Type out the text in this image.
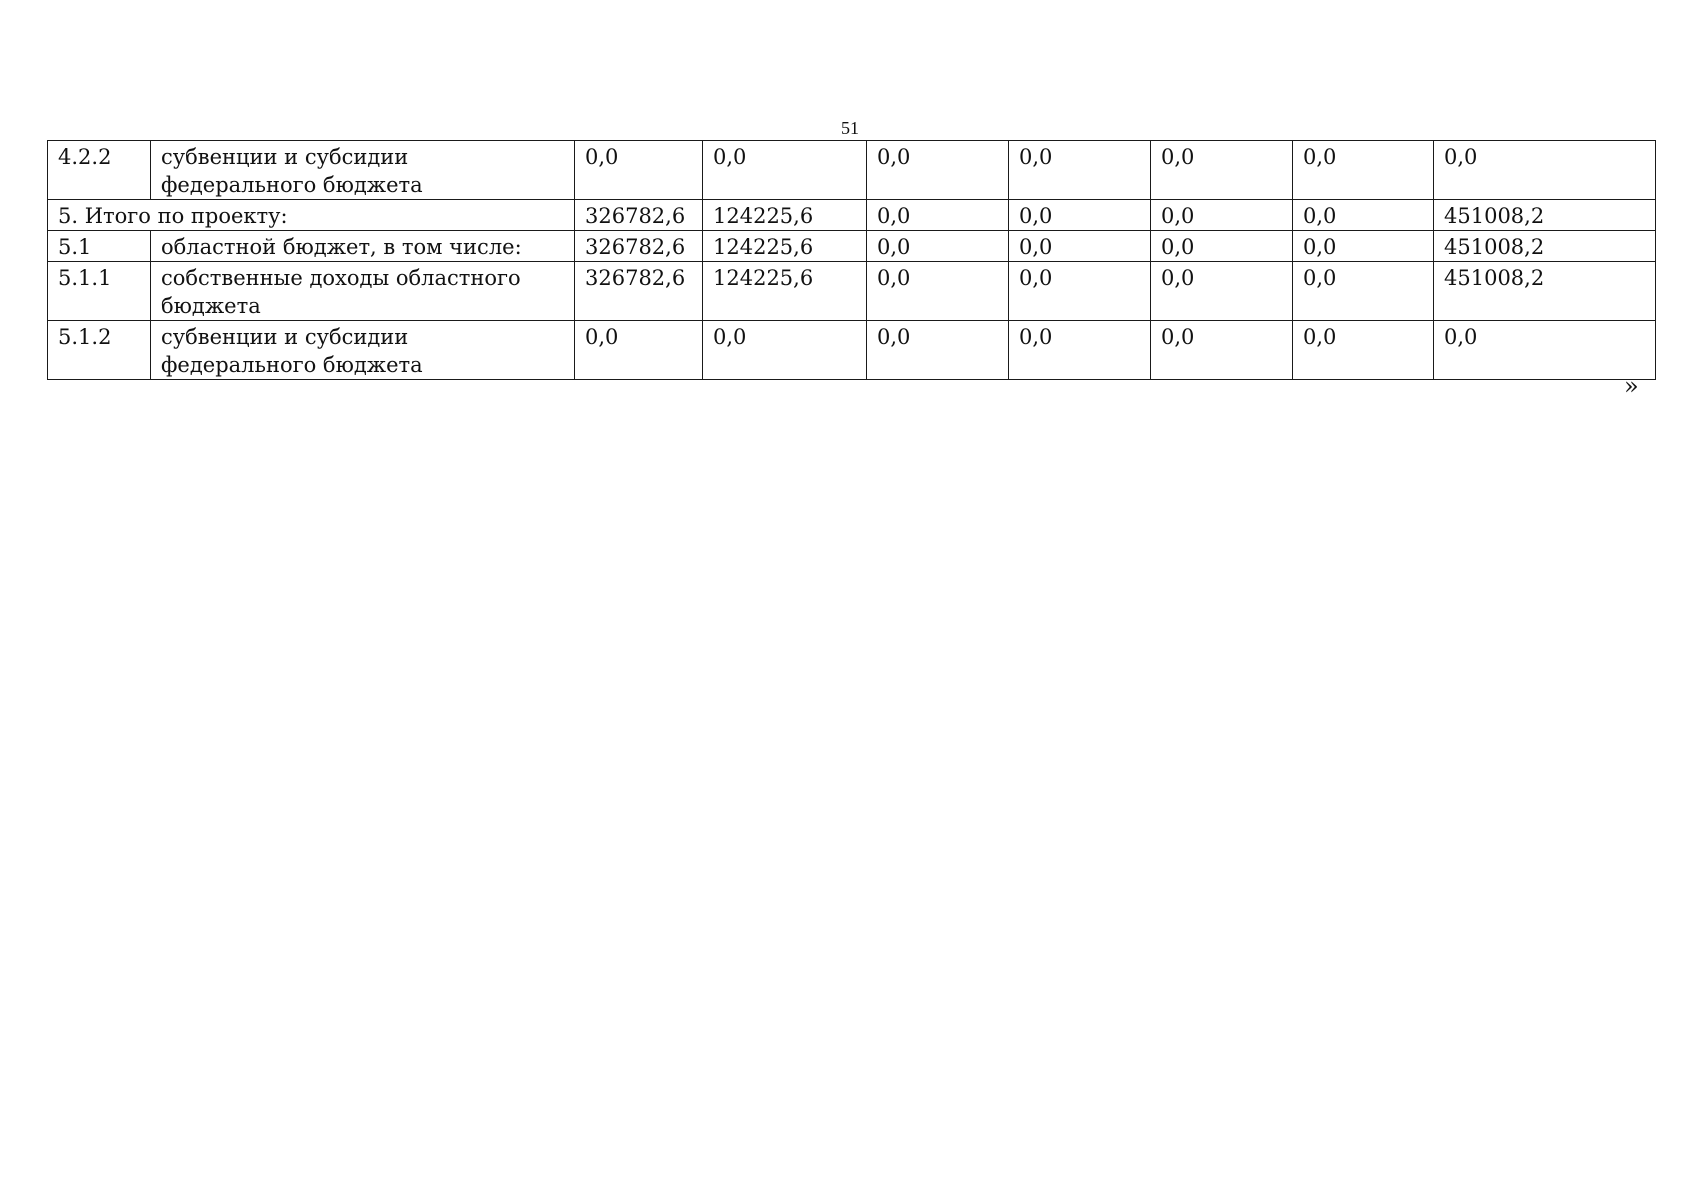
51
4.2.2	субвенции и субсидии федерального бюджета	0,0	0,0	0,0	0,0	0,0	0,0	0,0
5. Итого по проекту:		326782,6	124225,6	0,0	0,0	0,0	0,0	451008,2
5.1	областной бюджет, в том числе:	326782,6	124225,6	0,0	0,0	0,0	0,0	451008,2
5.1.1	собственные доходы областного бюджета	326782,6	124225,6	0,0	0,0	0,0	0,0	451008,2
5.1.2	субвенции и субсидии федерального бюджета	0,0	0,0	0,0	0,0	0,0	0,0	0,0
»
